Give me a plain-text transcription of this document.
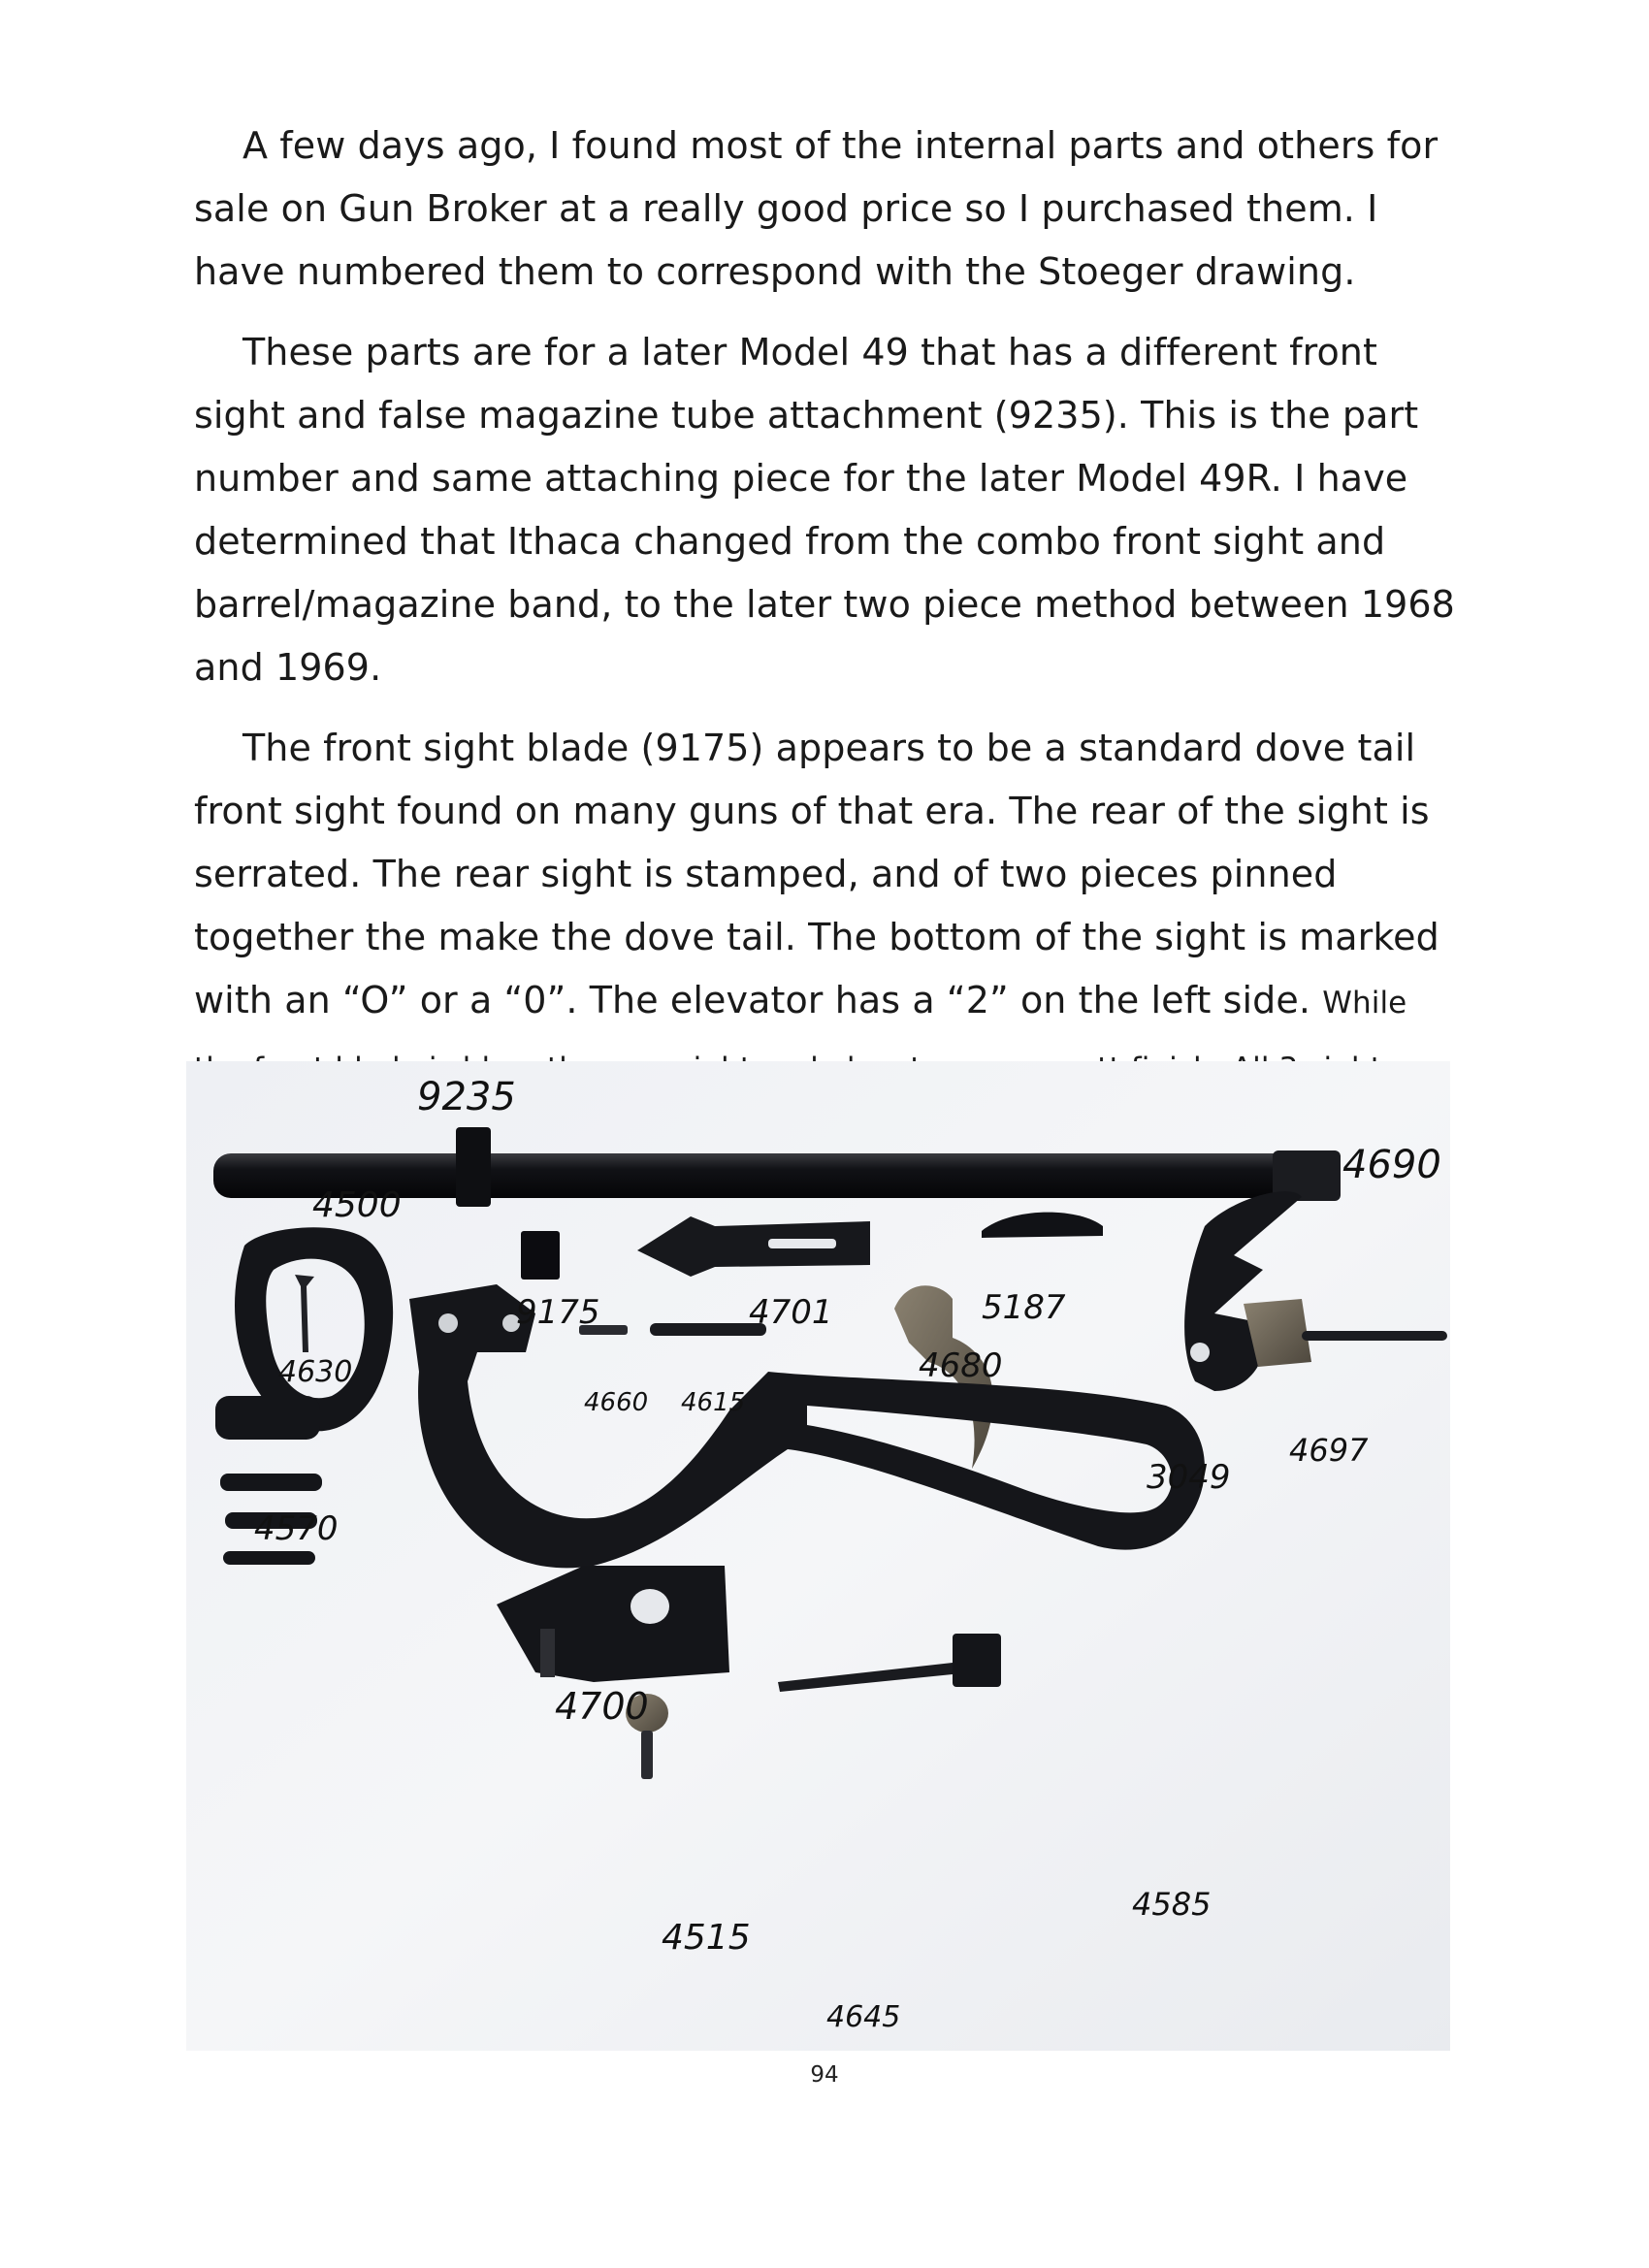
A few days ago, I found most of the internal parts and others for sale on Gun Broker at a really good price so I purchased them. I have numbered them to correspond with the Stoeger drawing.

These parts are for a later Model 49 that has a different front sight and false magazine tube attachment (9235). This is the part number and same attaching piece for the later Model 49R. I have determined that Ithaca changed from the combo front sight and barrel/magazine band, to the later two piece method between 1968 and 1969.

The front sight blade (9175) appears to be a standard dove tail front sight found on many guns of that era. The rear of the sight is serrated. The rear sight is stamped, and of two pieces pinned together the make the dove tail. The bottom of the sight is marked with an “O” or a “0”. The elevator has a “2” on the left side. While

9235
4690
4500
9175	4701	5187
4630	4680
4660 4615
4697
3049
4570
4700
4585
4515
4645
94
